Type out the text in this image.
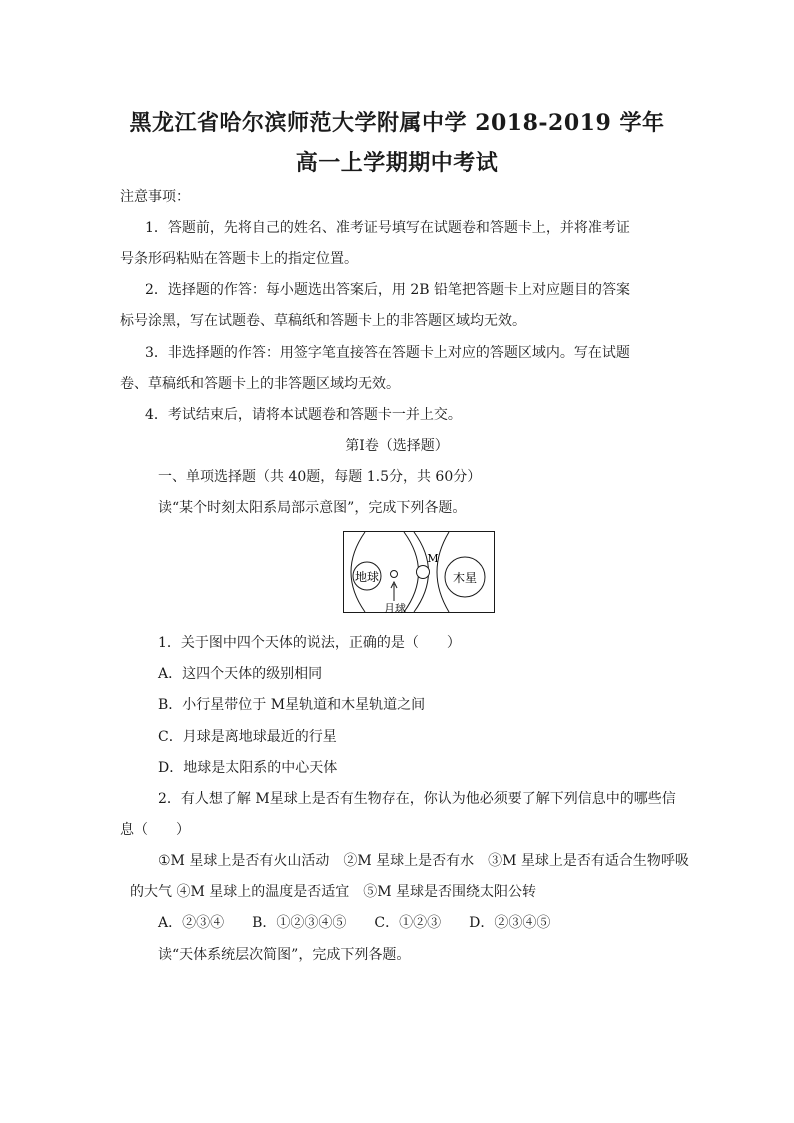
黑龙江省哈尔滨师范大学附属中学 2018-2019 学年
高一上学期期中考试
注意事项：
1．答题前，先将自己的姓名、准考证号填写在试题卷和答题卡上，并将准考证
号条形码粘贴在答题卡上的指定位置。
2．选择题的作答：每小题选出答案后，用 2B 铅笔把答题卡上对应题目的答案
标号涂黑，写在试题卷、草稿纸和答题卡上的非答题区域均无效。
3．非选择题的作答：用签字笔直接答在答题卡上对应的答题区域内。写在试题
卷、草稿纸和答题卡上的非答题区域均无效。
4．考试结束后，请将本试题卷和答题卡一并上交。
第Ⅰ卷（选择题）
一、单项选择题（共 40题，每题 1.5分，共 60分）
读“某个时刻太阳系局部示意图”，完成下列各题。
地球
月球
M
木星
1．关于图中四个天体的说法，正确的是（　　）
A．这四个天体的级别相同
B．小行星带位于 M星轨道和木星轨道之间
C．月球是离地球最近的行星
D．地球是太阳系的中心天体
2．有人想了解 M星球上是否有生物存在，你认为他必须要了解下列信息中的哪些信
息（　　）
①M 星球上是否有火山活动　②M 星球上是否有水　③M 星球上是否有适合生物呼吸
的大气 ④M 星球上的温度是否适宜　⑤M 星球是否围绕太阳公转
A．②③④　　B．①②③④⑤　　C．①②③　　D．②③④⑤
读“天体系统层次简图”，完成下列各题。
